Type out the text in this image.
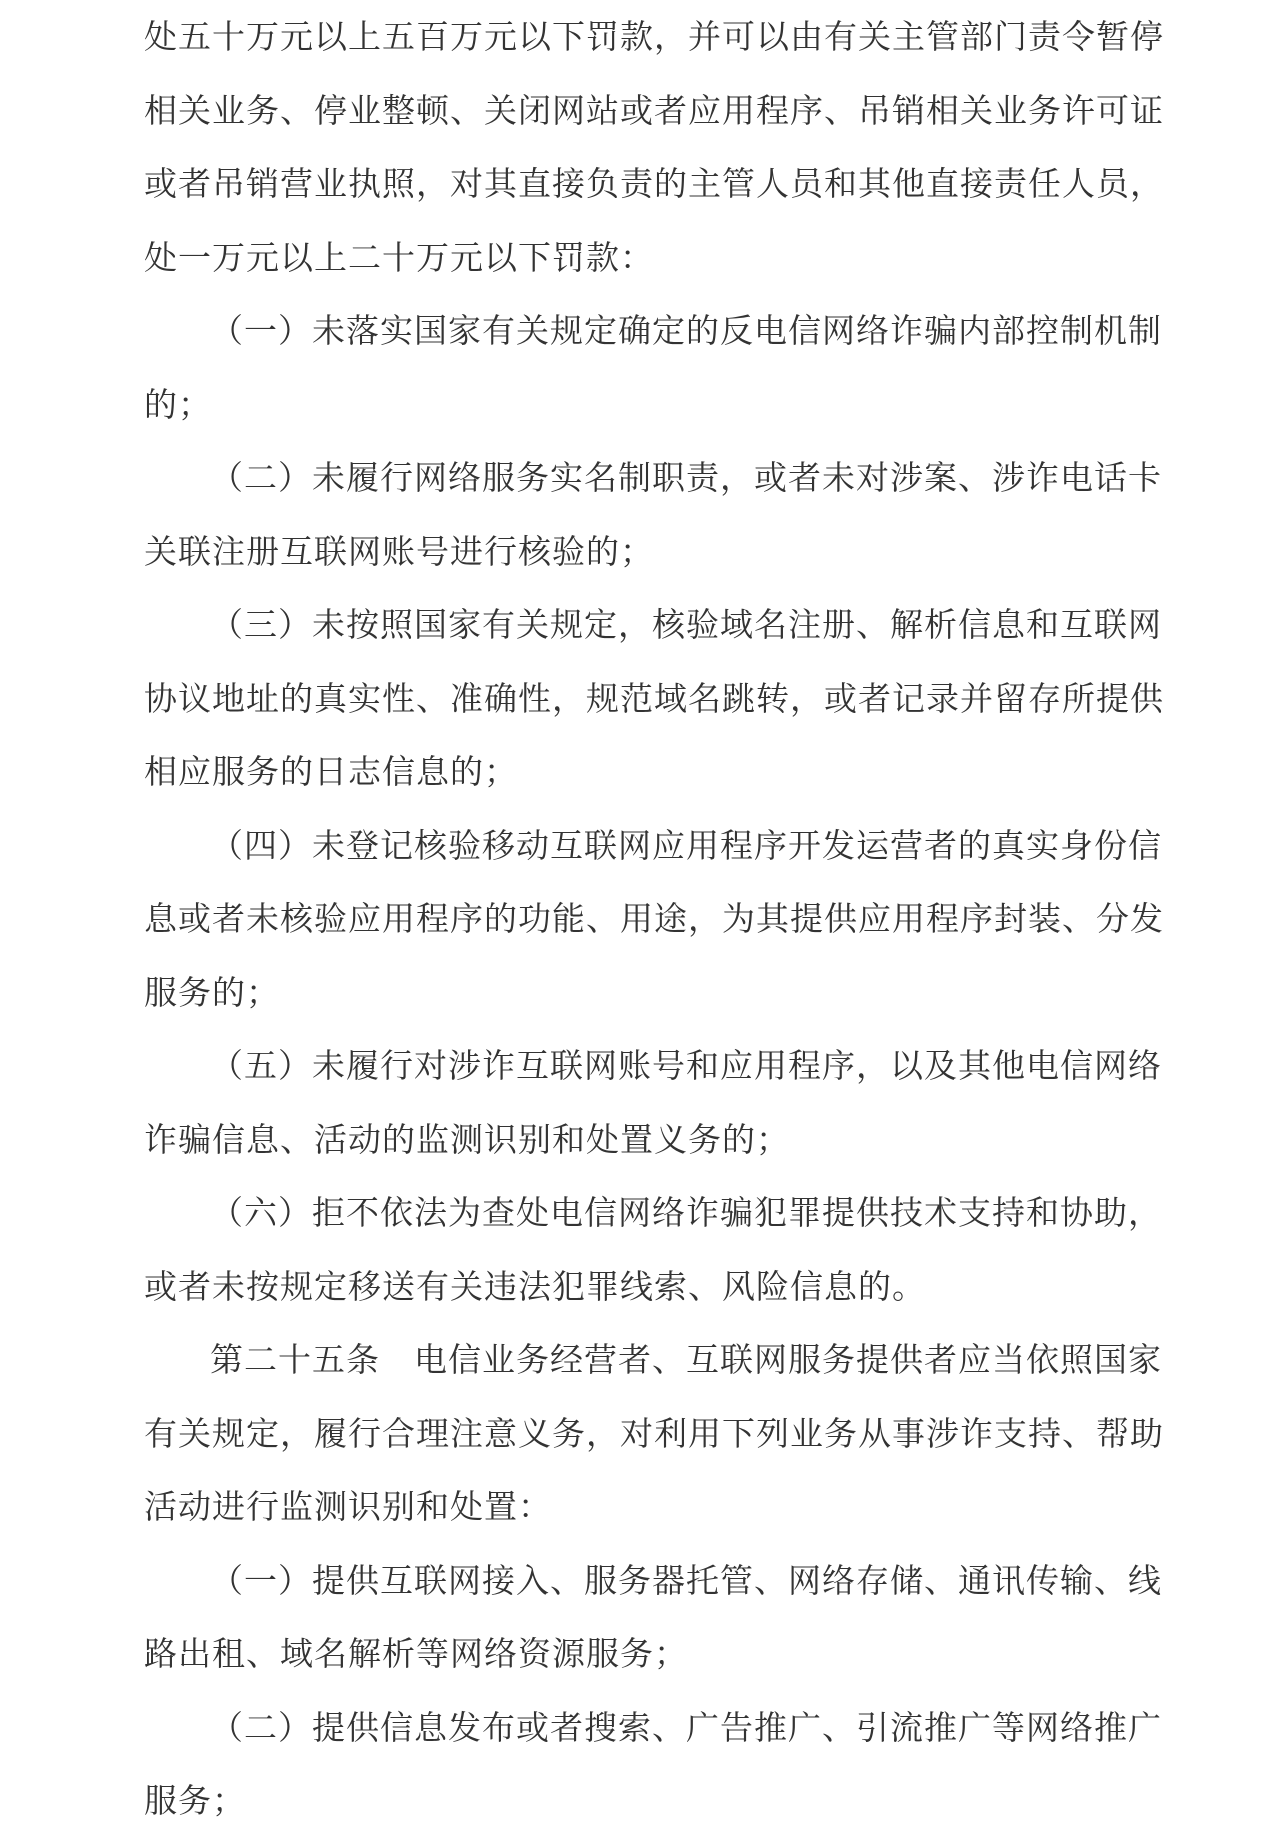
处五十万元以上五百万元以下罚款，并可以由有关主管部门责令暂停
相关业务、停业整顿、关闭网站或者应用程序、吊销相关业务许可证
或者吊销营业执照，对其直接负责的主管人员和其他直接责任人员，
处一万元以上二十万元以下罚款：
（一）未落实国家有关规定确定的反电信网络诈骗内部控制机制
的；
（二）未履行网络服务实名制职责，或者未对涉案、涉诈电话卡
关联注册互联网账号进行核验的；
（三）未按照国家有关规定，核验域名注册、解析信息和互联网
协议地址的真实性、准确性，规范域名跳转，或者记录并留存所提供
相应服务的日志信息的；
（四）未登记核验移动互联网应用程序开发运营者的真实身份信
息或者未核验应用程序的功能、用途，为其提供应用程序封装、分发
服务的；
（五）未履行对涉诈互联网账号和应用程序，以及其他电信网络
诈骗信息、活动的监测识别和处置义务的；
（六）拒不依法为查处电信网络诈骗犯罪提供技术支持和协助，
或者未按规定移送有关违法犯罪线索、风险信息的。
第二十五条　电信业务经营者、互联网服务提供者应当依照国家
有关规定，履行合理注意义务，对利用下列业务从事涉诈支持、帮助
活动进行监测识别和处置：
（一）提供互联网接入、服务器托管、网络存储、通讯传输、线
路出租、域名解析等网络资源服务；
（二）提供信息发布或者搜索、广告推广、引流推广等网络推广
服务；
